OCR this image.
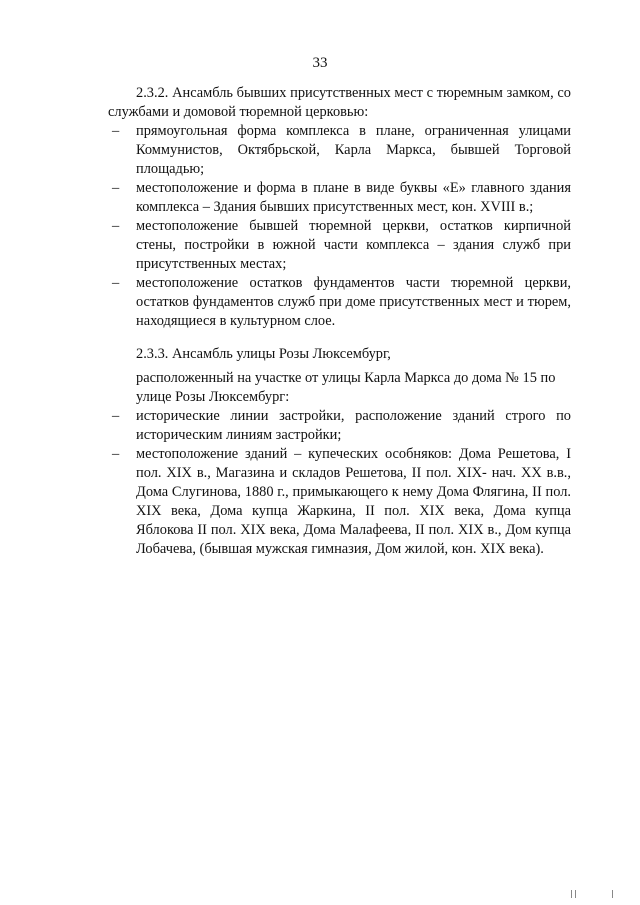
33

2.3.2. Ансамбль бывших присутственных мест с тюремным замком, со службами и домовой тюремной церковью:

– прямоугольная форма комплекса в плане, ограниченная улицами Коммунистов, Октябрьской, Карла Маркса, бывшей Торговой площадью;
– местоположение и форма в плане в виде буквы «Е» главного здания комплекса – Здания бывших присутственных мест, кон. XVIII в.;
– местоположение бывшей тюремной церкви, остатков кирпичной стены, постройки в южной части комплекса – здания служб при присутственных местах;
– местоположение остатков фундаментов части тюремной церкви, остатков фундаментов служб при доме присутственных мест и тюрем, находящиеся в культурном слое.

2.3.3. Ансамбль улицы Розы Люксембург,

расположенный на участке от улицы Карла Маркса до дома № 15 по
улице Розы Люксембург:

– исторические линии застройки, расположение зданий строго по историческим линиям застройки;
– местоположение зданий – купеческих особняков: Дома Решетова, I пол. XIX в., Магазина и складов Решетова, II пол. XIX- нач. XX в.в., Дома Слугинова, 1880 г., примыкающего к нему Дома Флягина, II пол. XIX века, Дома купца Жаркина, II пол. XIX века, Дома купца Яблокова II пол. XIX века, Дома Малафеева, II пол. XIX в., Дом купца Лобачева, (бывшая мужская гимназия, Дом жилой, кон. XIX века).
